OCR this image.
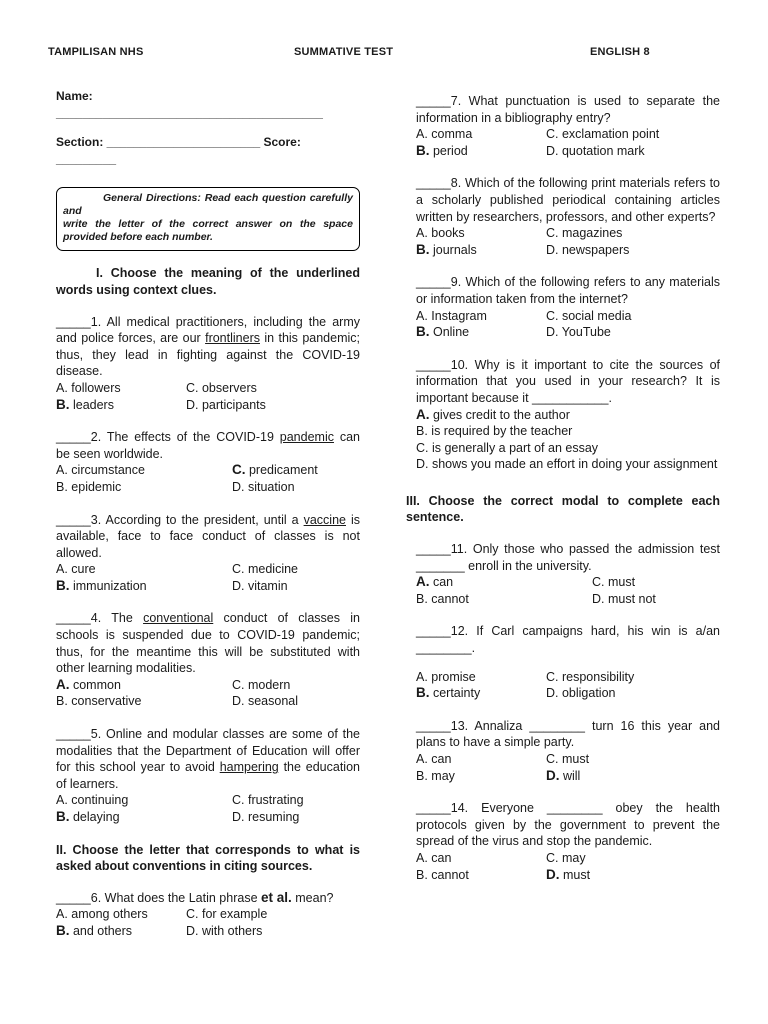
TAMPILISAN NHS	SUMMATIVE TEST	ENGLISH 8
Name: ________________________________________
Section: _______________________ Score: _________
General Directions: Read each question carefully and
write the letter of the correct answer on the space provided before each number.
I. Choose the meaning of the underlined words using context clues.
_____1. All medical practitioners, including the army and police forces, are our frontliners in this pandemic; thus, they lead in fighting against the COVID-19 disease.
A. followers	C. observers
B. leaders	D. participants
_____2. The effects of the COVID-19 pandemic can be seen worldwide.
A. circumstance	C. predicament
B. epidemic	D. situation
_____3. According to the president, until a vaccine is available, face to face conduct of classes is not allowed.
A. cure	C. medicine
B. immunization	D. vitamin
_____4. The conventional conduct of classes in schools is suspended due to COVID-19 pandemic; thus, for the meantime this will be substituted with other learning modalities.
A. common	C. modern
B. conservative	D. seasonal
_____5. Online and modular classes are some of the modalities that the Department of Education will offer for this school year to avoid hampering the education of learners.
A. continuing	C. frustrating
B. delaying	D. resuming
II. Choose the letter that corresponds to what is asked about conventions in citing sources.
_____6. What does the Latin phrase et al. mean?
A. among others	C. for example
B. and others	D. with others
_____7. What punctuation is used to separate the information in a bibliography entry?
A. comma	C. exclamation point
B. period	D. quotation mark
_____8. Which of the following print materials refers to a scholarly published periodical containing articles written by researchers, professors, and other experts?
A. books	C. magazines
B. journals	D. newspapers
_____9. Which of the following refers to any materials or information taken from the internet?
A. Instagram	C. social media
B. Online	D. YouTube
_____10. Why is it important to cite the sources of information that you used in your research? It is important because it ___________.
A. gives credit to the author
B. is required by the teacher
C. is generally a part of an essay
D. shows you made an effort in doing your assignment
III. Choose the correct modal to complete each sentence.
_____11. Only those who passed the admission test _______ enroll in the university.
A. can	C. must
B. cannot	D. must not
_____12. If Carl campaigns hard, his win is a/an ________.
A. promise	C. responsibility
B. certainty	D. obligation
_____13. Annaliza ________ turn 16 this year and plans to have a simple party.
A. can	C. must
B. may	D. will
_____14. Everyone ________ obey the health protocols given by the government to prevent the spread of the virus and stop the pandemic.
A. can	C. may
B. cannot	D. must
